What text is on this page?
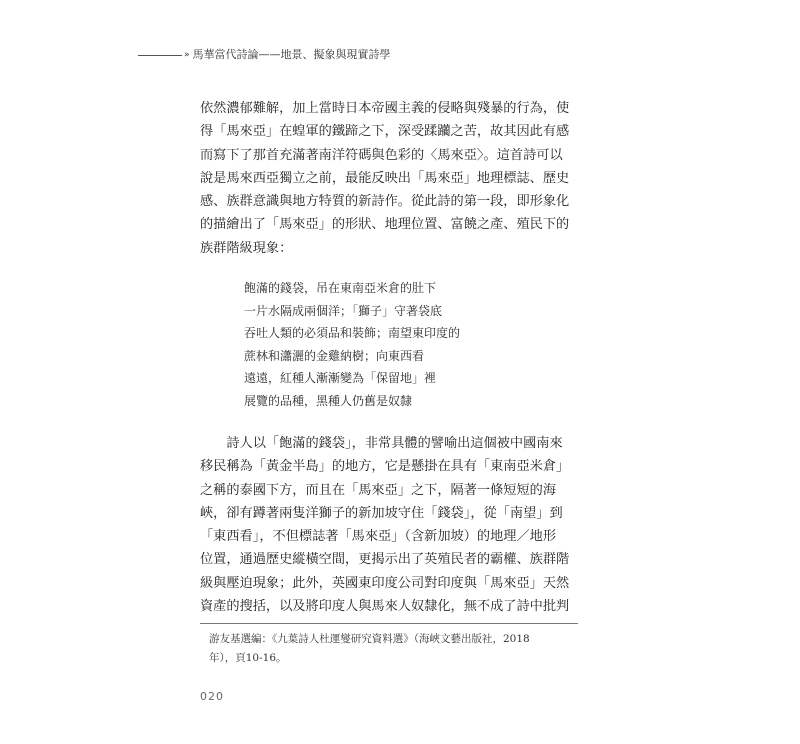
» 馬華當代詩論——地景、擬象與現實詩學
依然濃郁難解，加上當時日本帝國主義的侵略與殘暴的行為，使
得「馬來亞」在蝗軍的鐵蹄之下，深受蹂躪之苦，故其因此有感
而寫下了那首充滿著南洋符碼與色彩的〈馬來亞〉。這首詩可以
說是馬來西亞獨立之前，最能反映出「馬來亞」地理標誌、歷史
感、族群意識與地方特質的新詩作。從此詩的第一段，即形象化
的描繪出了「馬來亞」的形狀、地理位置、富饒之產、殖民下的
族群階級現象：
飽滿的錢袋，吊在東南亞米倉的肚下
一片水隔成兩個洋；「獅子」守著袋底
吞吐人類的必須品和裝飾；南望東印度的
蔗林和瀟灑的金雞納樹；向東西看
遠遠，紅種人漸漸變為「保留地」裡
展覽的品種，黑種人仍舊是奴隸
　　詩人以「飽滿的錢袋」，非常具體的譬喻出這個被中國南來
移民稱為「黃金半島」的地方，它是懸掛在具有「東南亞米倉」
之稱的泰國下方，而且在「馬來亞」之下，隔著一條短短的海
峽，卻有蹲著兩隻洋獅子的新加坡守住「錢袋」，從「南望」到
「東西看」，不但標誌著「馬來亞」（含新加坡）的地理／地形
位置，通過歷史縱橫空間，更揭示出了英殖民者的霸權、族群階
級與壓迫現象；此外，英國東印度公司對印度與「馬來亞」天然
資產的搜括，以及將印度人與馬來人奴隸化，無不成了詩中批判
游友基選編：《九葉詩人杜運燮研究資料選》（海峽文藝出版社，2018
年），頁10-16。
020
